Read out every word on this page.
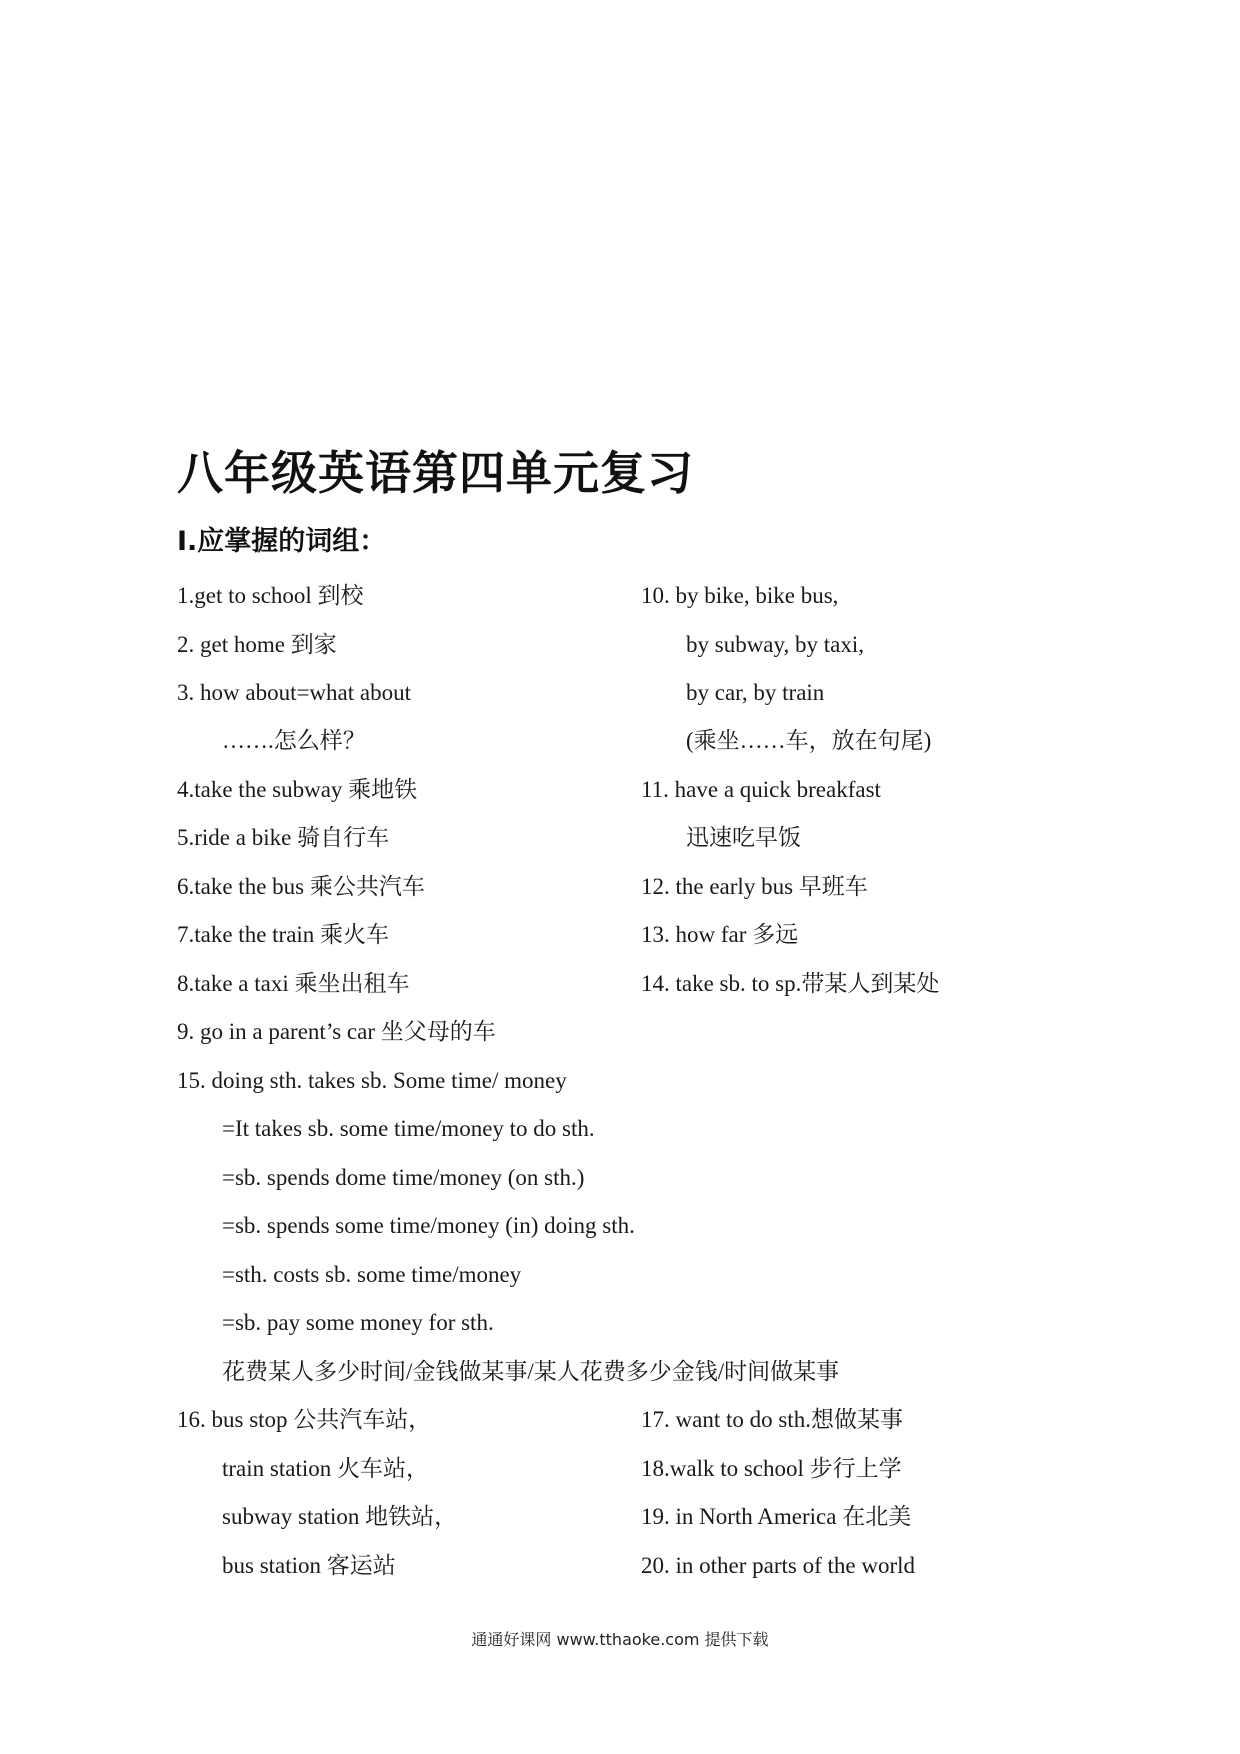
八年级英语第四单元复习
I.应掌握的词组：
1.get to school 到校
2. get home 到家
3. how about=what about
…….怎么样？
4.take the subway 乘地铁
5.ride a bike 骑自行车
6.take the bus 乘公共汽车
7.take the train 乘火车
8.take a taxi 乘坐出租车
9. go in a parent’s car 坐父母的车
10. by bike, bike bus,
by subway, by taxi,
by car, by train
(乘坐……车，放在句尾)
11. have a quick breakfast
迅速吃早饭
12. the early bus 早班车
13. how far 多远
14. take sb. to sp.带某人到某处
15. doing sth. takes sb. Some time/ money
=It takes sb. some time/money to do sth.
=sb. spends dome time/money (on sth.)
=sb. spends some time/money (in) doing sth.
=sth. costs sb. some time/money
=sb. pay some money for sth.
花费某人多少时间/金钱做某事/某人花费多少金钱/时间做某事
16. bus stop 公共汽车站，
train station 火车站，
subway station 地铁站，
bus station 客运站
17. want to do sth.想做某事
18.walk to school 步行上学
19. in North America 在北美
20. in other parts of the world
通通好课网 www.tthaoke.com 提供下载
